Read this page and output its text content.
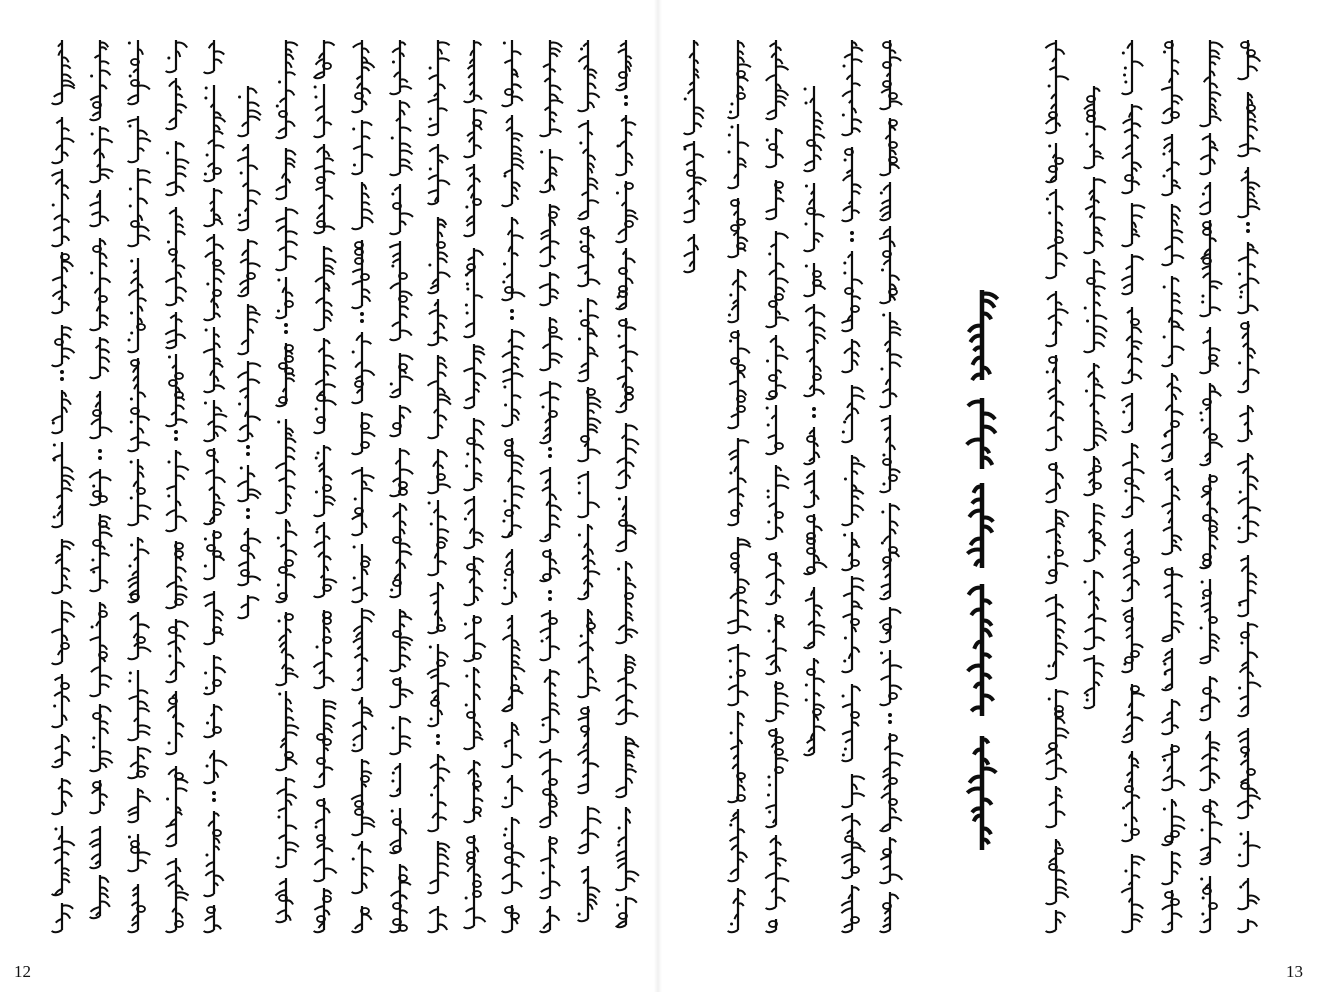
12	13
